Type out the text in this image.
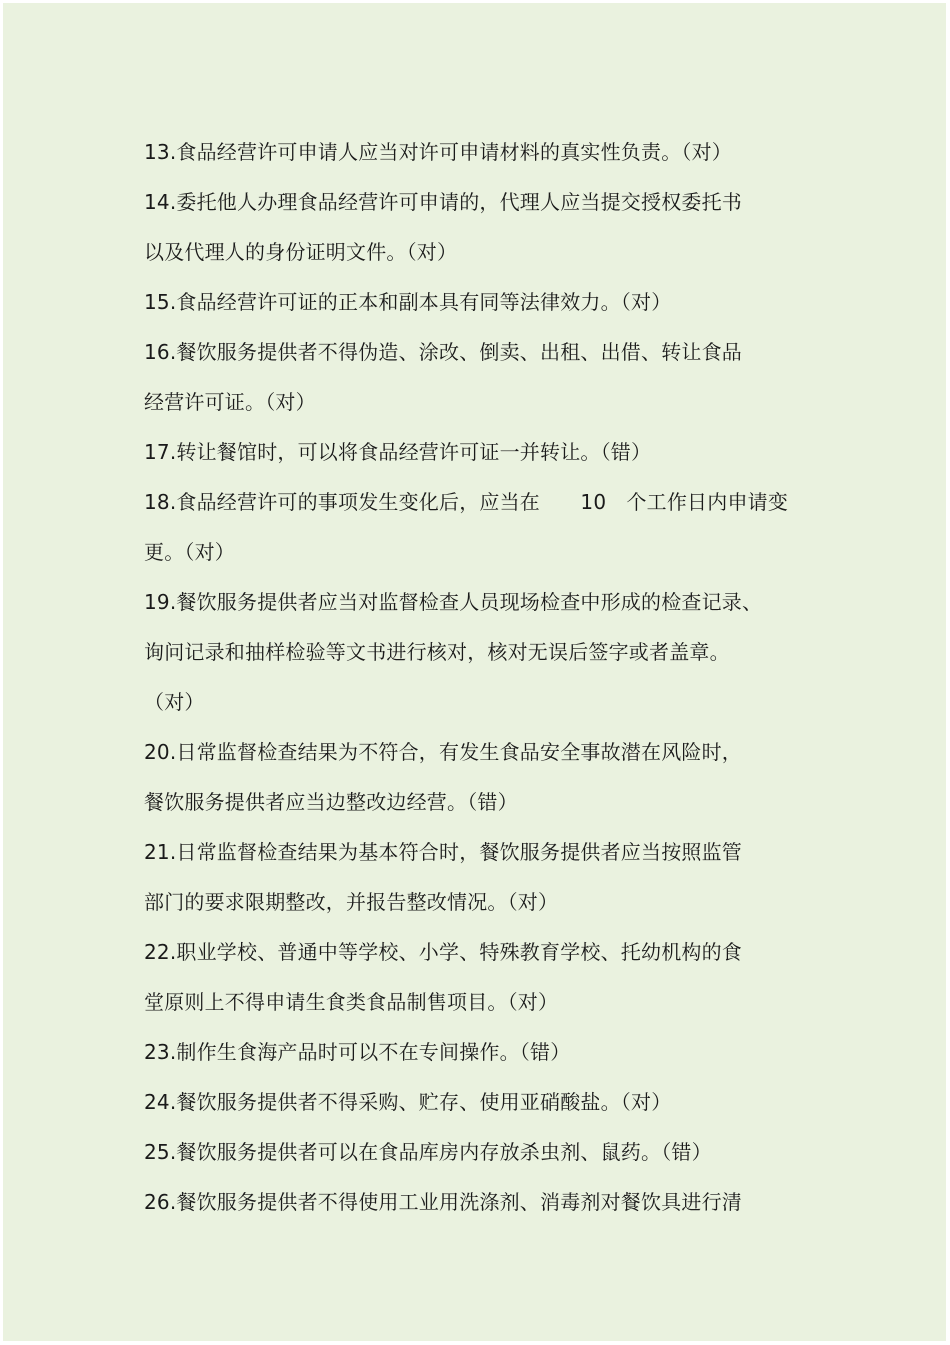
13.食品经营许可申请人应当对许可申请材料的真实性负责。（对）
14.委托他人办理食品经营许可申请的，代理人应当提交授权委托书
以及代理人的身份证明文件。（对）
15.食品经营许可证的正本和副本具有同等法律效力。（对）
16.餐饮服务提供者不得伪造、涂改、倒卖、出租、出借、转让食品
经营许可证。（对）
17.转让餐馆时，可以将食品经营许可证一并转让。（错）
18.食品经营许可的事项发生变化后，应当在　　10　个工作日内申请变
更。（对）
19.餐饮服务提供者应当对监督检查人员现场检查中形成的检查记录、
询问记录和抽样检验等文书进行核对，核对无误后签字或者盖章。
（对）
20.日常监督检查结果为不符合，有发生食品安全事故潜在风险时，
餐饮服务提供者应当边整改边经营。（错）
21.日常监督检查结果为基本符合时，餐饮服务提供者应当按照监管
部门的要求限期整改，并报告整改情况。（对）
22.职业学校、普通中等学校、小学、特殊教育学校、托幼机构的食
堂原则上不得申请生食类食品制售项目。（对）
23.制作生食海产品时可以不在专间操作。（错）
24.餐饮服务提供者不得采购、贮存、使用亚硝酸盐。（对）
25.餐饮服务提供者可以在食品库房内存放杀虫剂、鼠药。（错）
26.餐饮服务提供者不得使用工业用洗涤剂、消毒剂对餐饮具进行清
